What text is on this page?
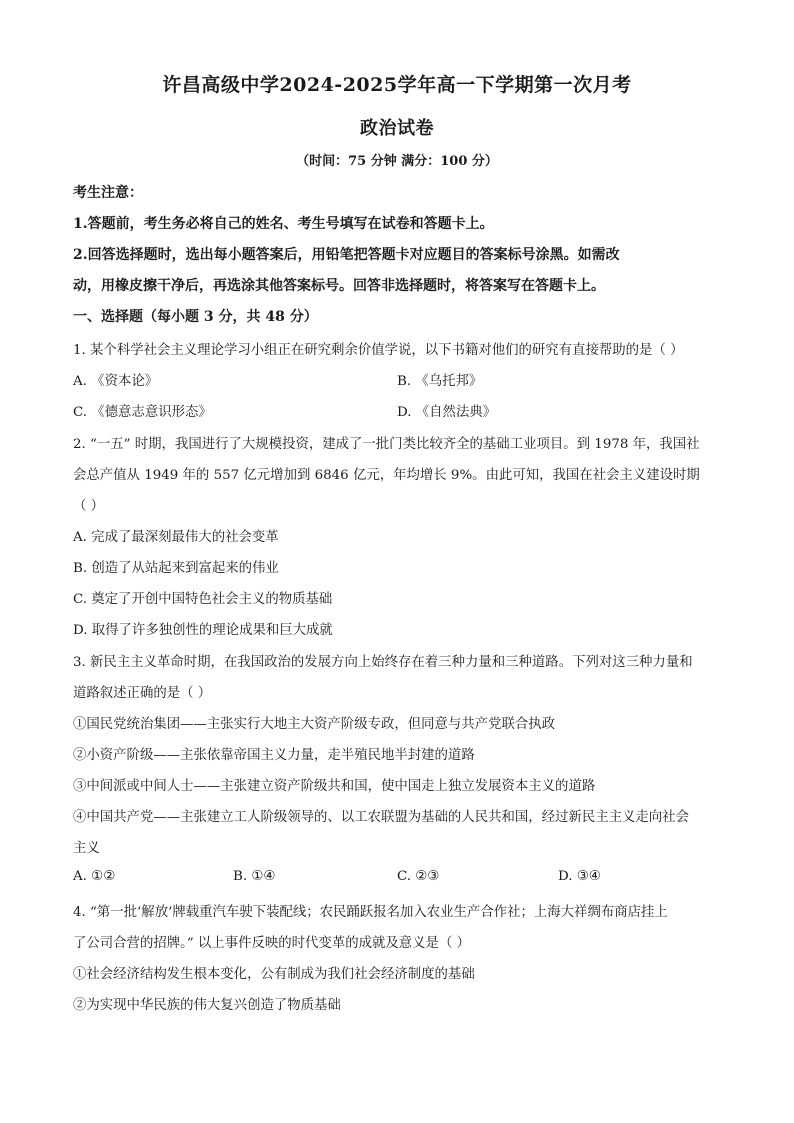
许昌高级中学2024-2025学年高一下学期第一次月考
政治试卷
（时间：75 分钟 满分：100 分）
考生注意：
1.答题前，考生务必将自己的姓名、考生号填写在试卷和答题卡上。
2.回答选择题时，选出每小题答案后，用铅笔把答题卡对应题目的答案标号涂黑。如需改
动，用橡皮擦干净后，再选涂其他答案标号。回答非选择题时，将答案写在答题卡上。
一、选择题（每小题 3 分，共 48 分）
1. 某个科学社会主义理论学习小组正在研究剩余价值学说，以下书籍对他们的研究有直接帮助的是（ ）
A. 《资本论》	B. 《乌托邦》
C. 《德意志意识形态》	D. 《自然法典》
2. “一五” 时期，我国进行了大规模投资，建成了一批门类比较齐全的基础工业项目。到 1978 年，我国社
会总产值从 1949 年的 557 亿元增加到 6846 亿元，年均增长 9%。由此可知，我国在社会主义建设时期
（ ）
A. 完成了最深刻最伟大的社会变革
B. 创造了从站起来到富起来的伟业
C. 奠定了开创中国特色社会主义的物质基础
D. 取得了许多独创性的理论成果和巨大成就
3. 新民主主义革命时期，在我国政治的发展方向上始终存在着三种力量和三种道路。下列对这三种力量和
道路叙述正确的是（ ）
①国民党统治集团——主张实行大地主大资产阶级专政，但同意与共产党联合执政
②小资产阶级——主张依靠帝国主义力量，走半殖民地半封建的道路
③中间派或中间人士——主张建立资产阶级共和国，使中国走上独立发展资本主义的道路
④中国共产党——主张建立工人阶级领导的、以工农联盟为基础的人民共和国，经过新民主主义走向社会
主义
A. ①②	B. ①④	C. ②③	D. ③④
4. “第一批‘解放’牌载重汽车驶下装配线；农民踊跃报名加入农业生产合作社；上海大祥绸布商店挂上
了公司合营的招牌。” 以上事件反映的时代变革的成就及意义是（ ）
①社会经济结构发生根本变化，公有制成为我们社会经济制度的基础
②为实现中华民族的伟大复兴创造了物质基础
